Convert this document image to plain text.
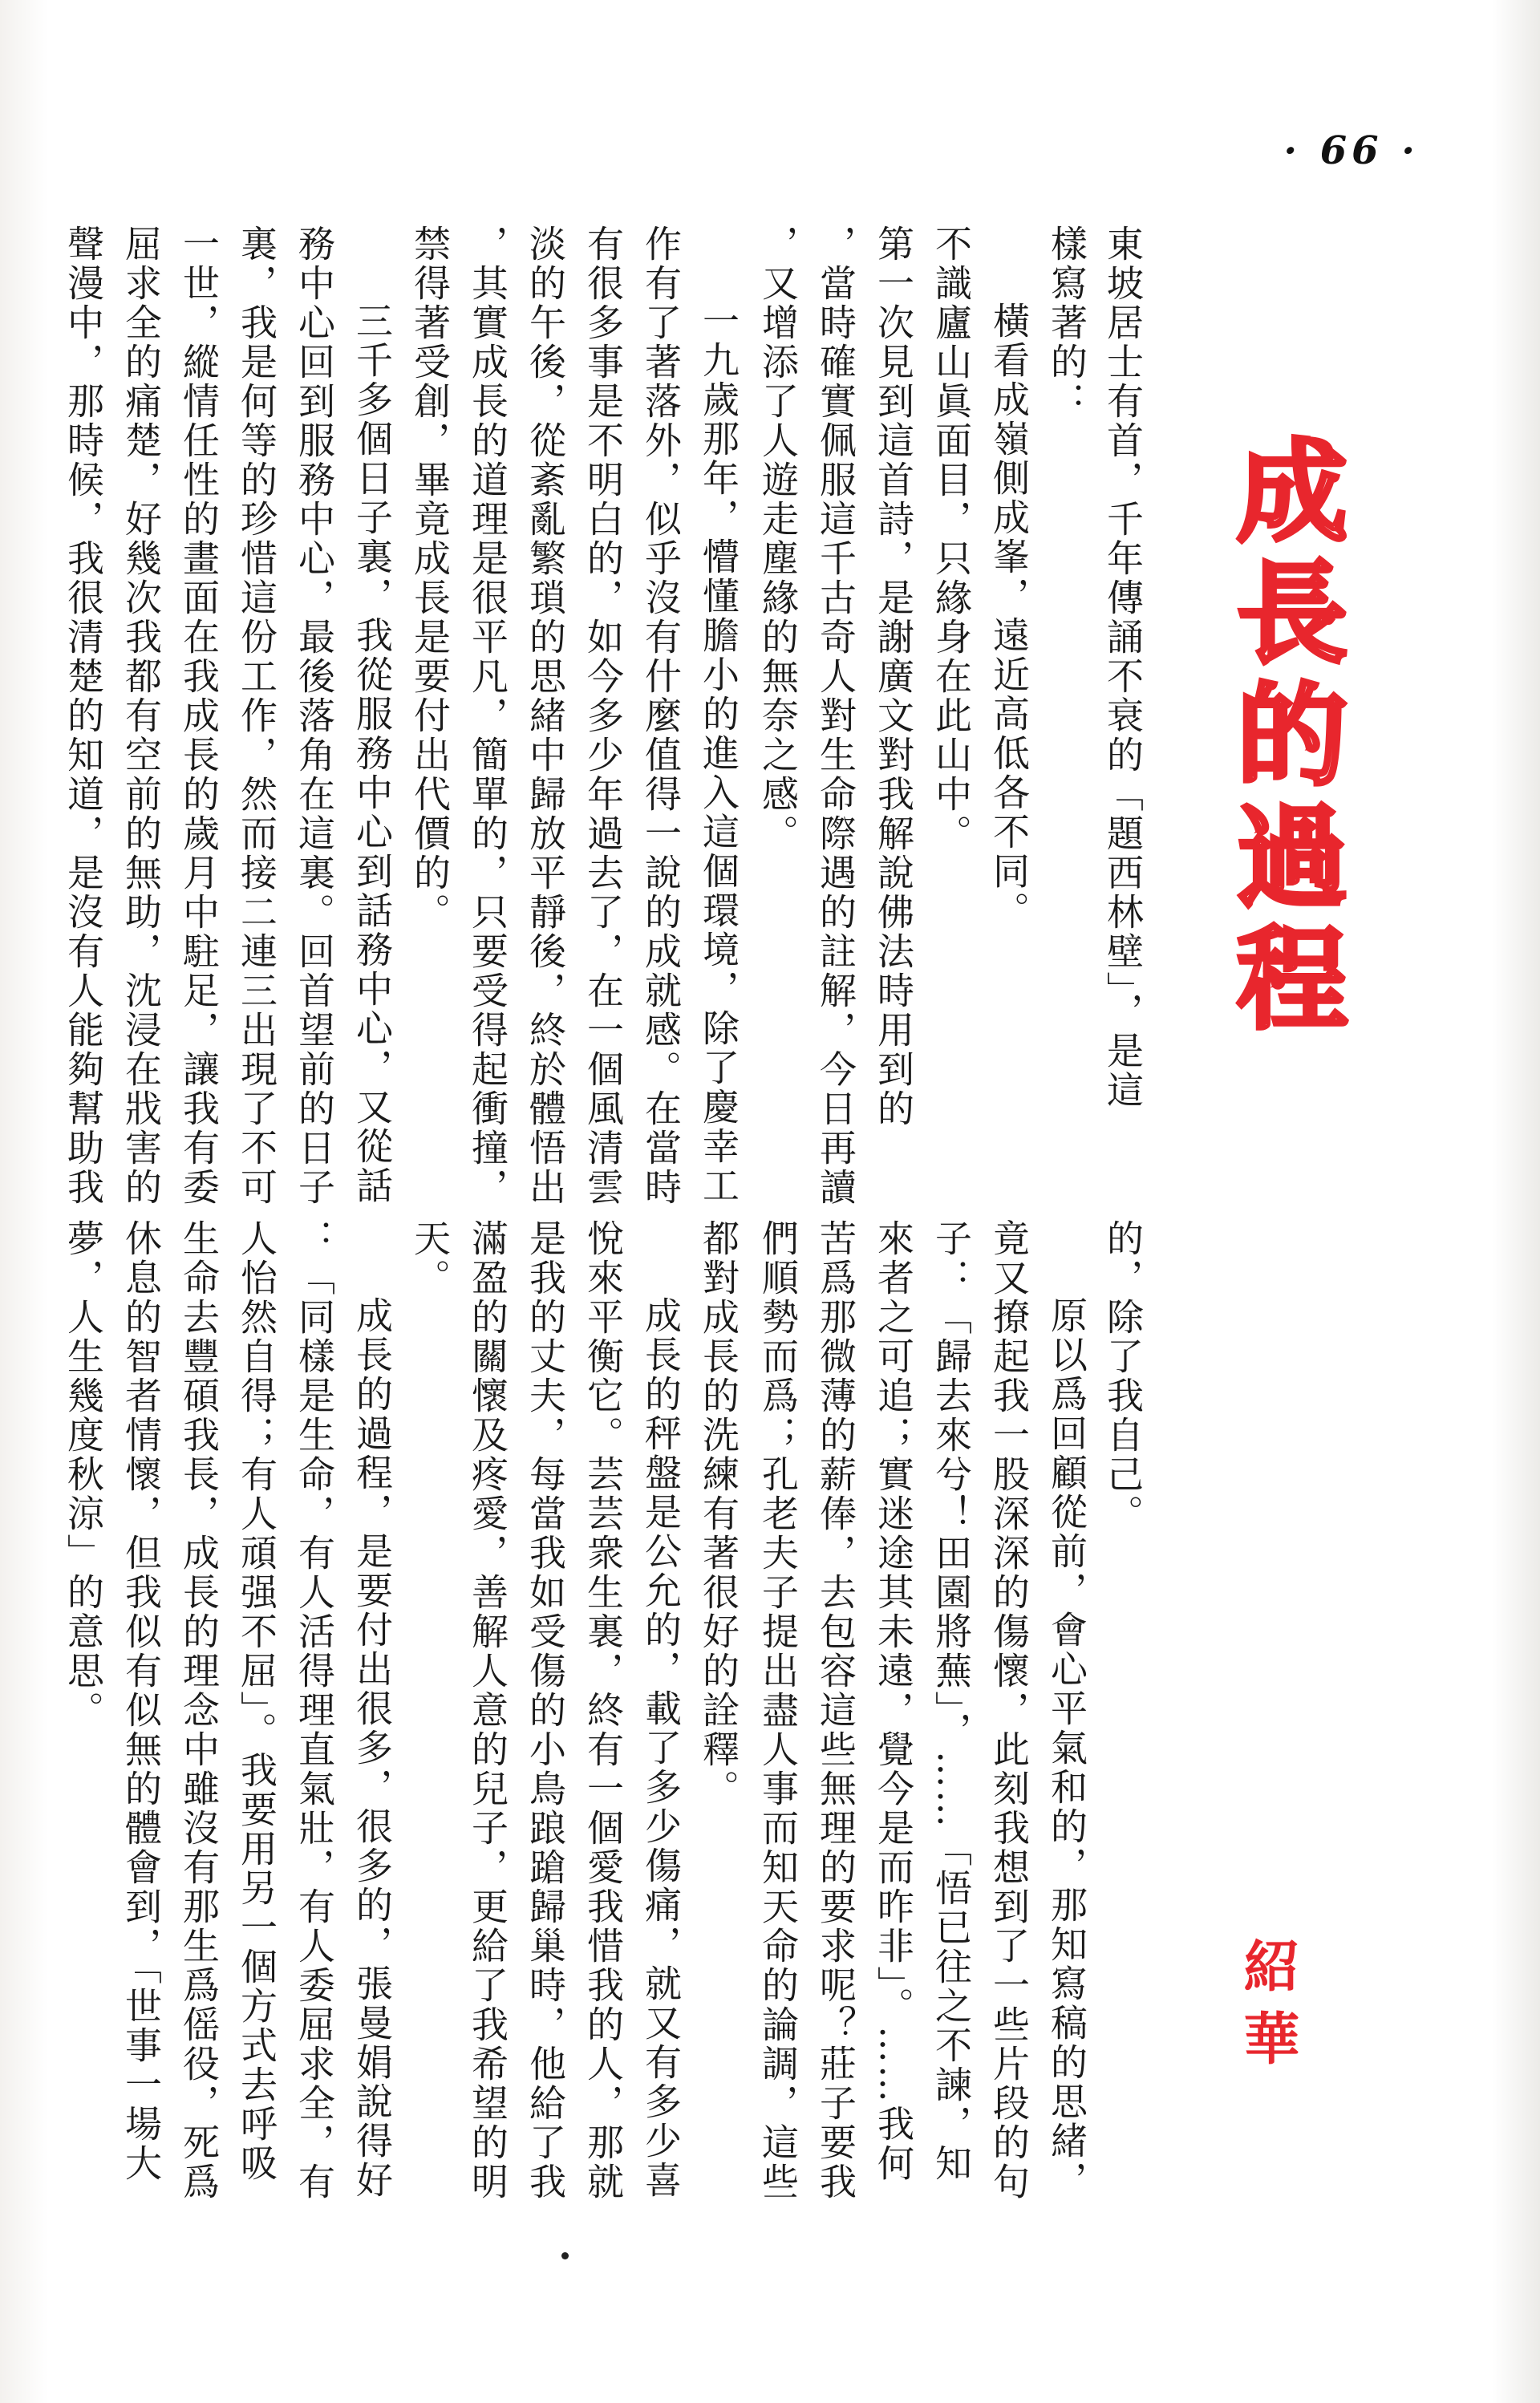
· 66 ·
成長的過程
紹華
東坡居士有首，千年傳誦不衰的「題西林壁」，是這
樣寫著的：
橫看成嶺側成峯，遠近高低各不同。
不識廬山眞面目，只緣身在此山中。
第一次見到這首詩，是謝廣文對我解說佛法時用到的
，當時確實佩服這千古奇人對生命際遇的註解，今日再讀
，又增添了人遊走塵緣的無奈之感。
一九歲那年，懵懂膽小的進入這個環境，除了慶幸工
作有了著落外，似乎沒有什麼值得一說的成就感。在當時
有很多事是不明白的，如今多少年過去了，在一個風清雲
淡的午後，從紊亂繁瑣的思緒中歸放平靜後，終於體悟出
，其實成長的道理是很平凡，簡單的，只要受得起衝撞，
禁得著受創，畢竟成長是要付出代價的。
三千多個日子裏，我從服務中心到話務中心，又從話
務中心回到服務中心，最後落角在這裏。回首望前的日子
裏，我是何等的珍惜這份工作，然而接二連三出現了不可
一世，縱情任性的畫面在我成長的歲月中駐足，讓我有委
屈求全的痛楚，好幾次我都有空前的無助，沈浸在戕害的
聲漫中，那時候，我很清楚的知道，是沒有人能夠幫助我
的，除了我自己。
原以爲回顧從前，會心平氣和的，那知寫稿的思緒，
竟又撩起我一股深深的傷懷，此刻我想到了一些片段的句
子：「歸去來兮！田園將蕪」，……「悟已往之不諫，知
來者之可追；實迷途其未遠，覺今是而昨非」。……我何
苦爲那微薄的薪俸，去包容這些無理的要求呢？莊子要我
們順勢而爲；孔老夫子提出盡人事而知天命的論調，這些
都對成長的洗練有著很好的詮釋。
成長的秤盤是公允的，載了多少傷痛，就又有多少喜
悅來平衡它。芸芸衆生裏，終有一個愛我惜我的人，那就
是我的丈夫，每當我如受傷的小鳥踉蹌歸巢時，他給了我
滿盈的關懷及疼愛，善解人意的兒子，更給了我希望的明
天。
成長的過程，是要付出很多，很多的，張曼娟說得好
：「同樣是生命，有人活得理直氣壯，有人委屈求全，有
人怡然自得；有人頑强不屈」。我要用另一個方式去呼吸
生命去豐碩我長，成長的理念中雖沒有那生爲傜役，死爲
休息的智者情懷，但我似有似無的體會到，「世事一場大
夢，人生幾度秋涼」的意思。
